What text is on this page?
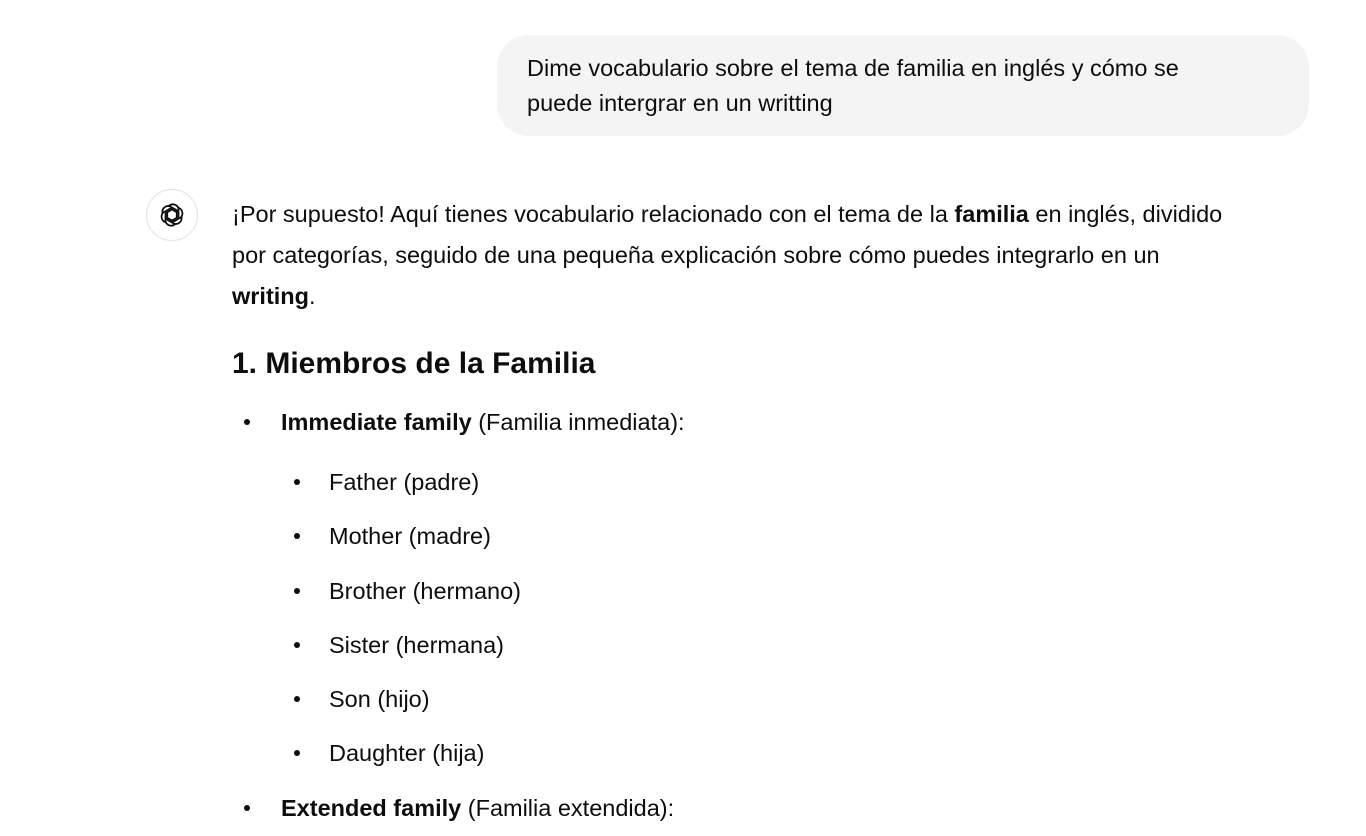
Dime vocabulario sobre el tema de familia en inglés y cómo se
puede intergrar en un writting

¡Por supuesto! Aquí tienes vocabulario relacionado con el tema de la familia en inglés, dividido
por categorías, seguido de una pequeña explicación sobre cómo puedes integrarlo en un
writing.

1. Miembros de la Familia
Immediate family (Familia inmediata):
Father (padre)
Mother (madre)
Brother (hermano)
Sister (hermana)
Son (hijo)
Daughter (hija)
Extended family (Familia extendida):
